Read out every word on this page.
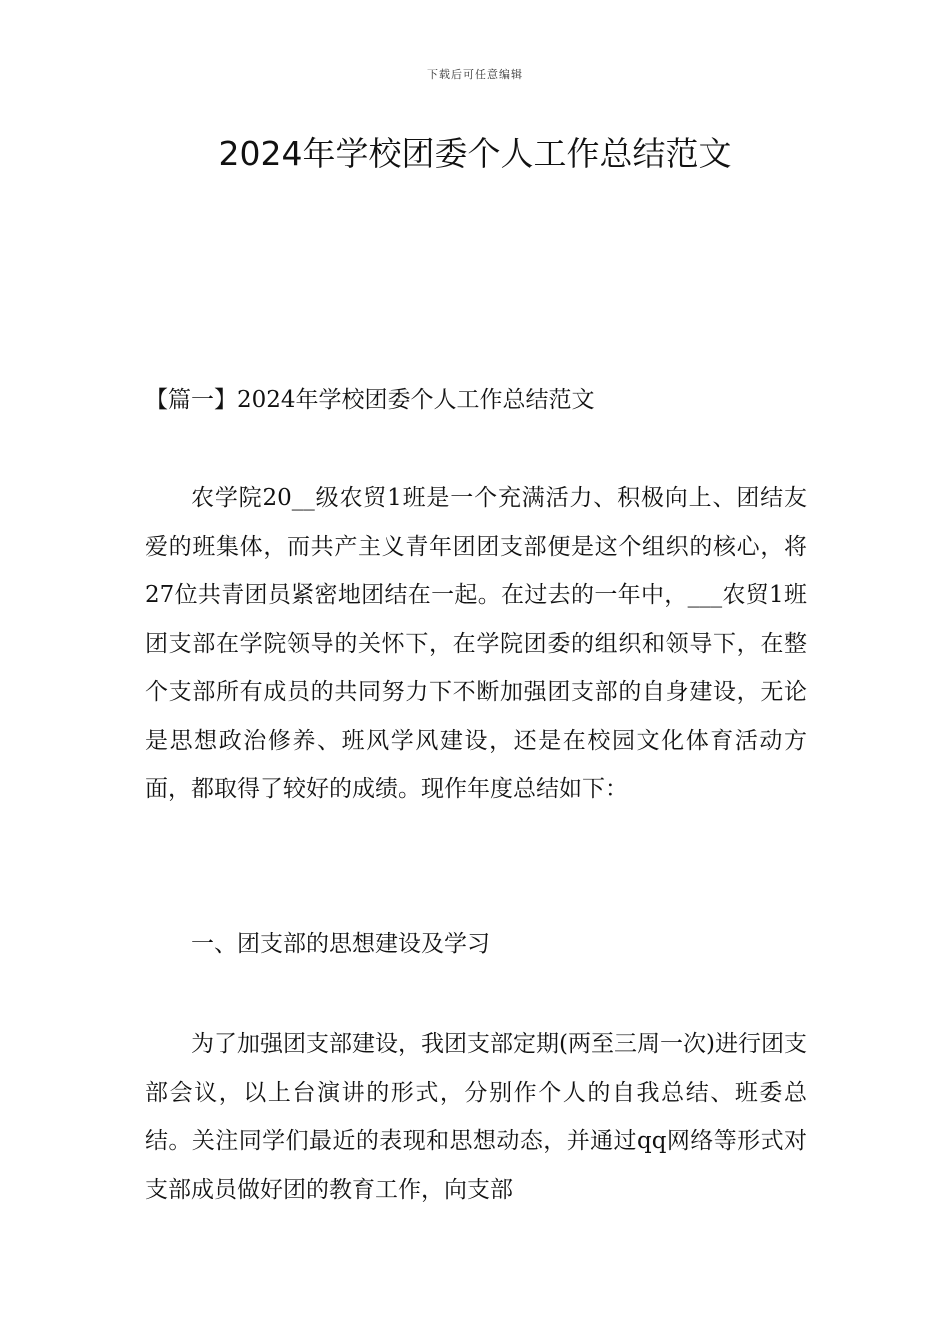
下载后可任意编辑
2024年学校团委个人工作总结范文

【篇一】2024年学校团委个人工作总结范文

农学院20__级农贸1班是一个充满活力、积极向上、团结友爱的班集体，而共产主义青年团团支部便是这个组织的核心，将27位共青团员紧密地团结在一起。在过去的一年中，___农贸1班团支部在学院领导的关怀下，在学院团委的组织和领导下，在整个支部所有成员的共同努力下不断加强团支部的自身建设，无论是思想政治修养、班风学风建设，还是在校园文化体育活动方面，都取得了较好的成绩。现作年度总结如下：

一、团支部的思想建设及学习

为了加强团支部建设，我团支部定期(两至三周一次)进行团支部会议，以上台演讲的形式，分别作个人的自我总结、班委总结。关注同学们最近的表现和思想动态，并通过qq网络等形式对支部成员做好团的教育工作，向支部
